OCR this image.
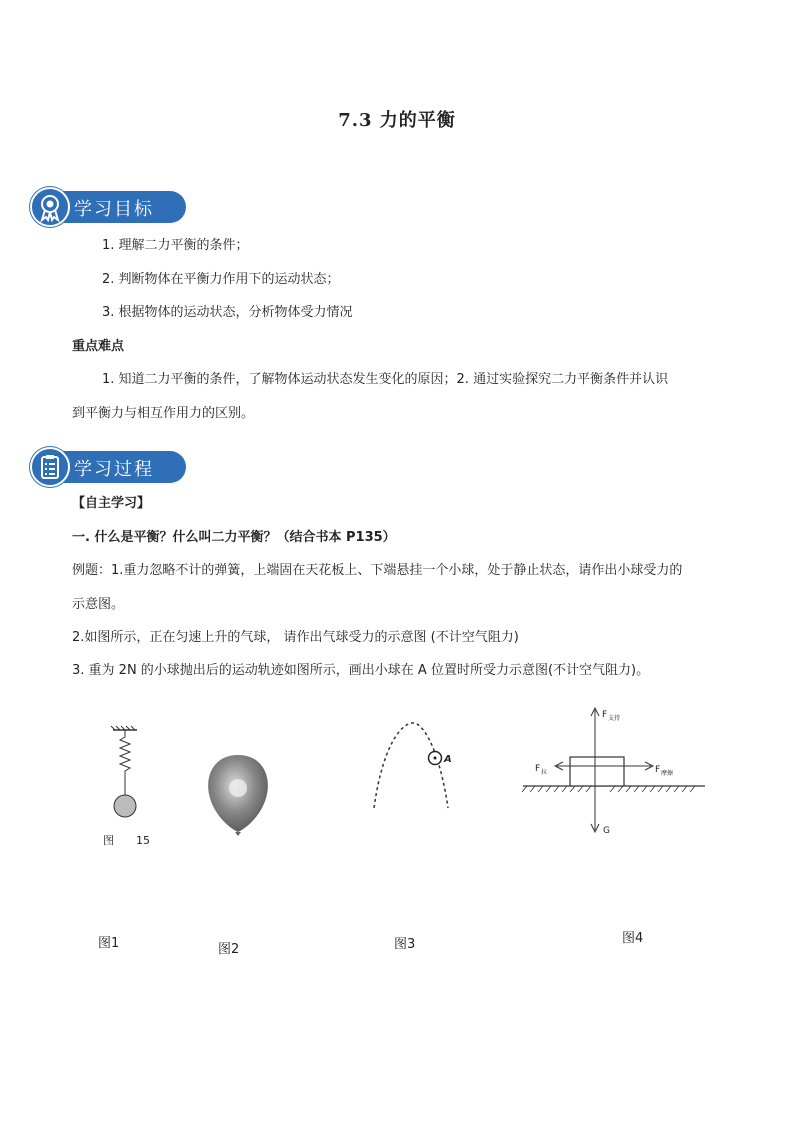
7.3 力的平衡
学习目标
1. 理解二力平衡的条件；
2. 判断物体在平衡力作用下的运动状态；
3. 根据物体的运动状态，分析物体受力情况
重点难点
1. 知道二力平衡的条件，了解物体运动状态发生变化的原因；2. 通过实验探究二力平衡条件并认识
到平衡力与相互作用力的区别。
学习过程
【自主学习】
一. 什么是平衡？什么叫二力平衡？（结合书本 P135）
例题：1.重力忽略不计的弹簧，上端固在天花板上、下端悬挂一个小球，处于静止状态，请作出小球受力的
示意图。
2.如图所示，正在匀速上升的气球， 请作出气球受力的示意图 (不计空气阻力)
3. 重为 2N 的小球抛出后的运动轨迹如图所示，画出小球在 A 位置时所受力示意图(不计空气阻力)。
图 15
A
F 支持
F 拉	F 摩擦
G
图1	图2	图3	图4
